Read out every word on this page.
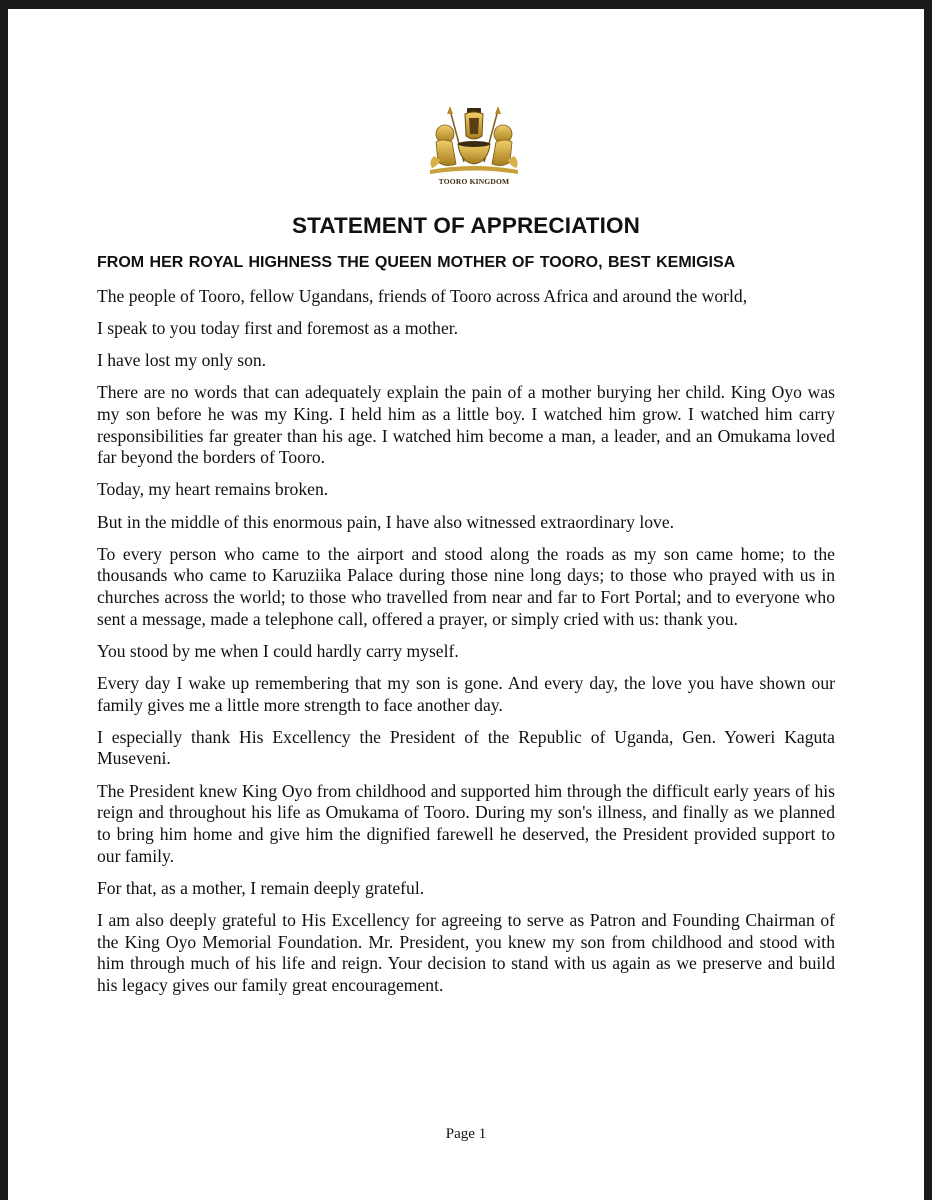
TOORO KINGDOM
STATEMENT OF APPRECIATION
FROM HER ROYAL HIGHNESS THE QUEEN MOTHER OF TOORO, BEST KEMIGISA

The people of Tooro, fellow Ugandans, friends of Tooro across Africa and around the world,

I speak to you today first and foremost as a mother.

I have lost my only son.

There are no words that can adequately explain the pain of a mother burying her child. King Oyo was my son before he was my King. I held him as a little boy. I watched him grow. I watched him carry responsibilities far greater than his age. I watched him become a man, a leader, and an Omukama loved far beyond the borders of Tooro.

Today, my heart remains broken.

But in the middle of this enormous pain, I have also witnessed extraordinary love.

To every person who came to the airport and stood along the roads as my son came home; to the thousands who came to Karuziika Palace during those nine long days; to those who prayed with us in churches across the world; to those who travelled from near and far to Fort Portal; and to everyone who sent a message, made a telephone call, offered a prayer, or simply cried with us: thank you.

You stood by me when I could hardly carry myself.

Every day I wake up remembering that my son is gone. And every day, the love you have shown our family gives me a little more strength to face another day.

I especially thank His Excellency the President of the Republic of Uganda, Gen. Yoweri Kaguta Museveni.

The President knew King Oyo from childhood and supported him through the difficult early years of his reign and throughout his life as Omukama of Tooro. During my son's illness, and finally as we planned to bring him home and give him the dignified farewell he deserved, the President provided support to our family.

For that, as a mother, I remain deeply grateful.

I am also deeply grateful to His Excellency for agreeing to serve as Patron and Founding Chairman of the King Oyo Memorial Foundation. Mr. President, you knew my son from childhood and stood with him through much of his life and reign. Your decision to stand with us again as we preserve and build his legacy gives our family great encouragement.

Page 1
